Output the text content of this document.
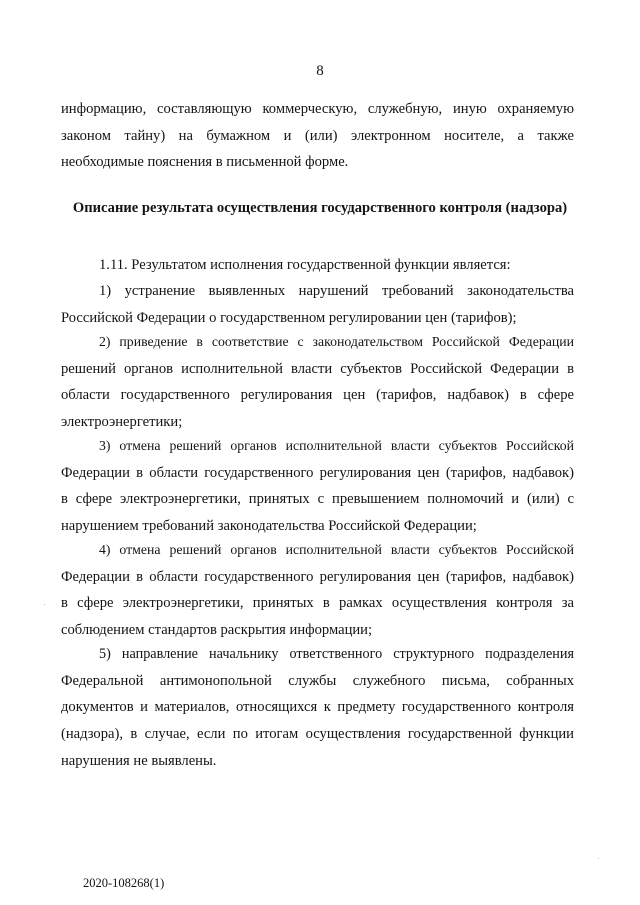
8
информацию, составляющую коммерческую, служебную, иную охраняемую
законом тайну) на бумажном и (или) электронном носителе, а также
необходимые пояснения в письменной форме.
Описание результата осуществления государственного контроля (надзора)
1.11. Результатом исполнения государственной функции является:
1) устранение выявленных нарушений требований законодательства
Российской Федерации о государственном регулировании цен (тарифов);
2) приведение в соответствие с законодательством Российской Федерации
решений органов исполнительной власти субъектов Российской Федерации в
области государственного регулирования цен (тарифов, надбавок) в сфере
электроэнергетики;
3) отмена решений органов исполнительной власти субъектов Российской
Федерации в области государственного регулирования цен (тарифов, надбавок)
в сфере электроэнергетики, принятых с превышением полномочий и (или) с
нарушением требований законодательства Российской Федерации;
4) отмена решений органов исполнительной власти субъектов Российской
Федерации в области государственного регулирования цен (тарифов, надбавок)
в сфере электроэнергетики, принятых в рамках осуществления контроля за
соблюдением стандартов раскрытия информации;
5) направление начальнику ответственного структурного подразделения
Федеральной антимонопольной службы служебного письма, собранных
документов и материалов, относящихся к предмету государственного контроля
(надзора), в случае, если по итогам осуществления государственной функции
нарушения не выявлены.
2020-108268(1)
